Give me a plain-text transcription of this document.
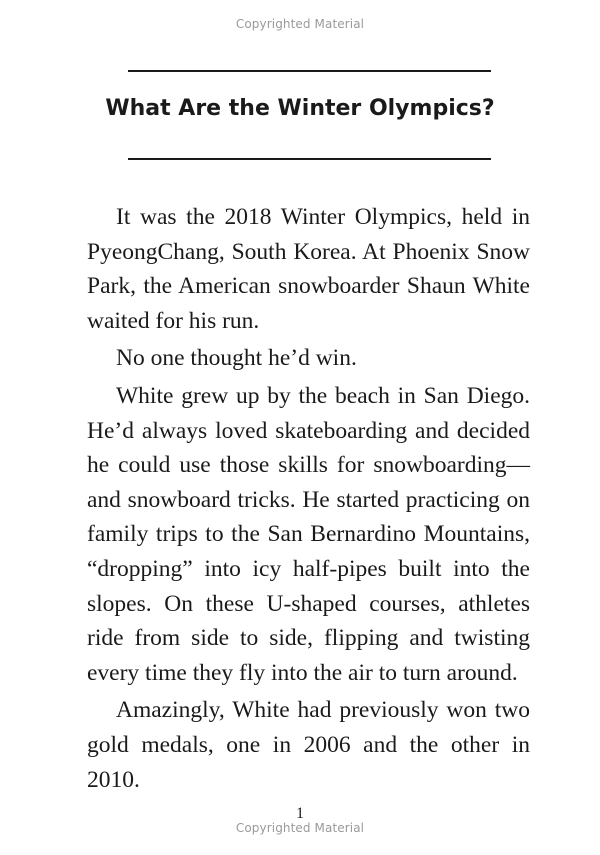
Copyrighted Material
What Are the Winter Olympics?

It was the 2018 Winter Olympics, held in PyeongChang, South Korea. At Phoenix Snow Park, the American snowboarder Shaun White waited for his run.

No one thought he’d win.

White grew up by the beach in San Diego. He’d always loved skateboarding and decided he could use those skills for snowboarding—and snowboard tricks. He started practicing on family trips to the San Bernardino Mountains, “dropping” into icy half-pipes built into the slopes. On these U-shaped courses, athletes ride from side to side, flipping and twisting every time they fly into the air to turn around.

Amazingly, White had previously won two gold medals, one in 2006 and the other in 2010.

1
Copyrighted Material
